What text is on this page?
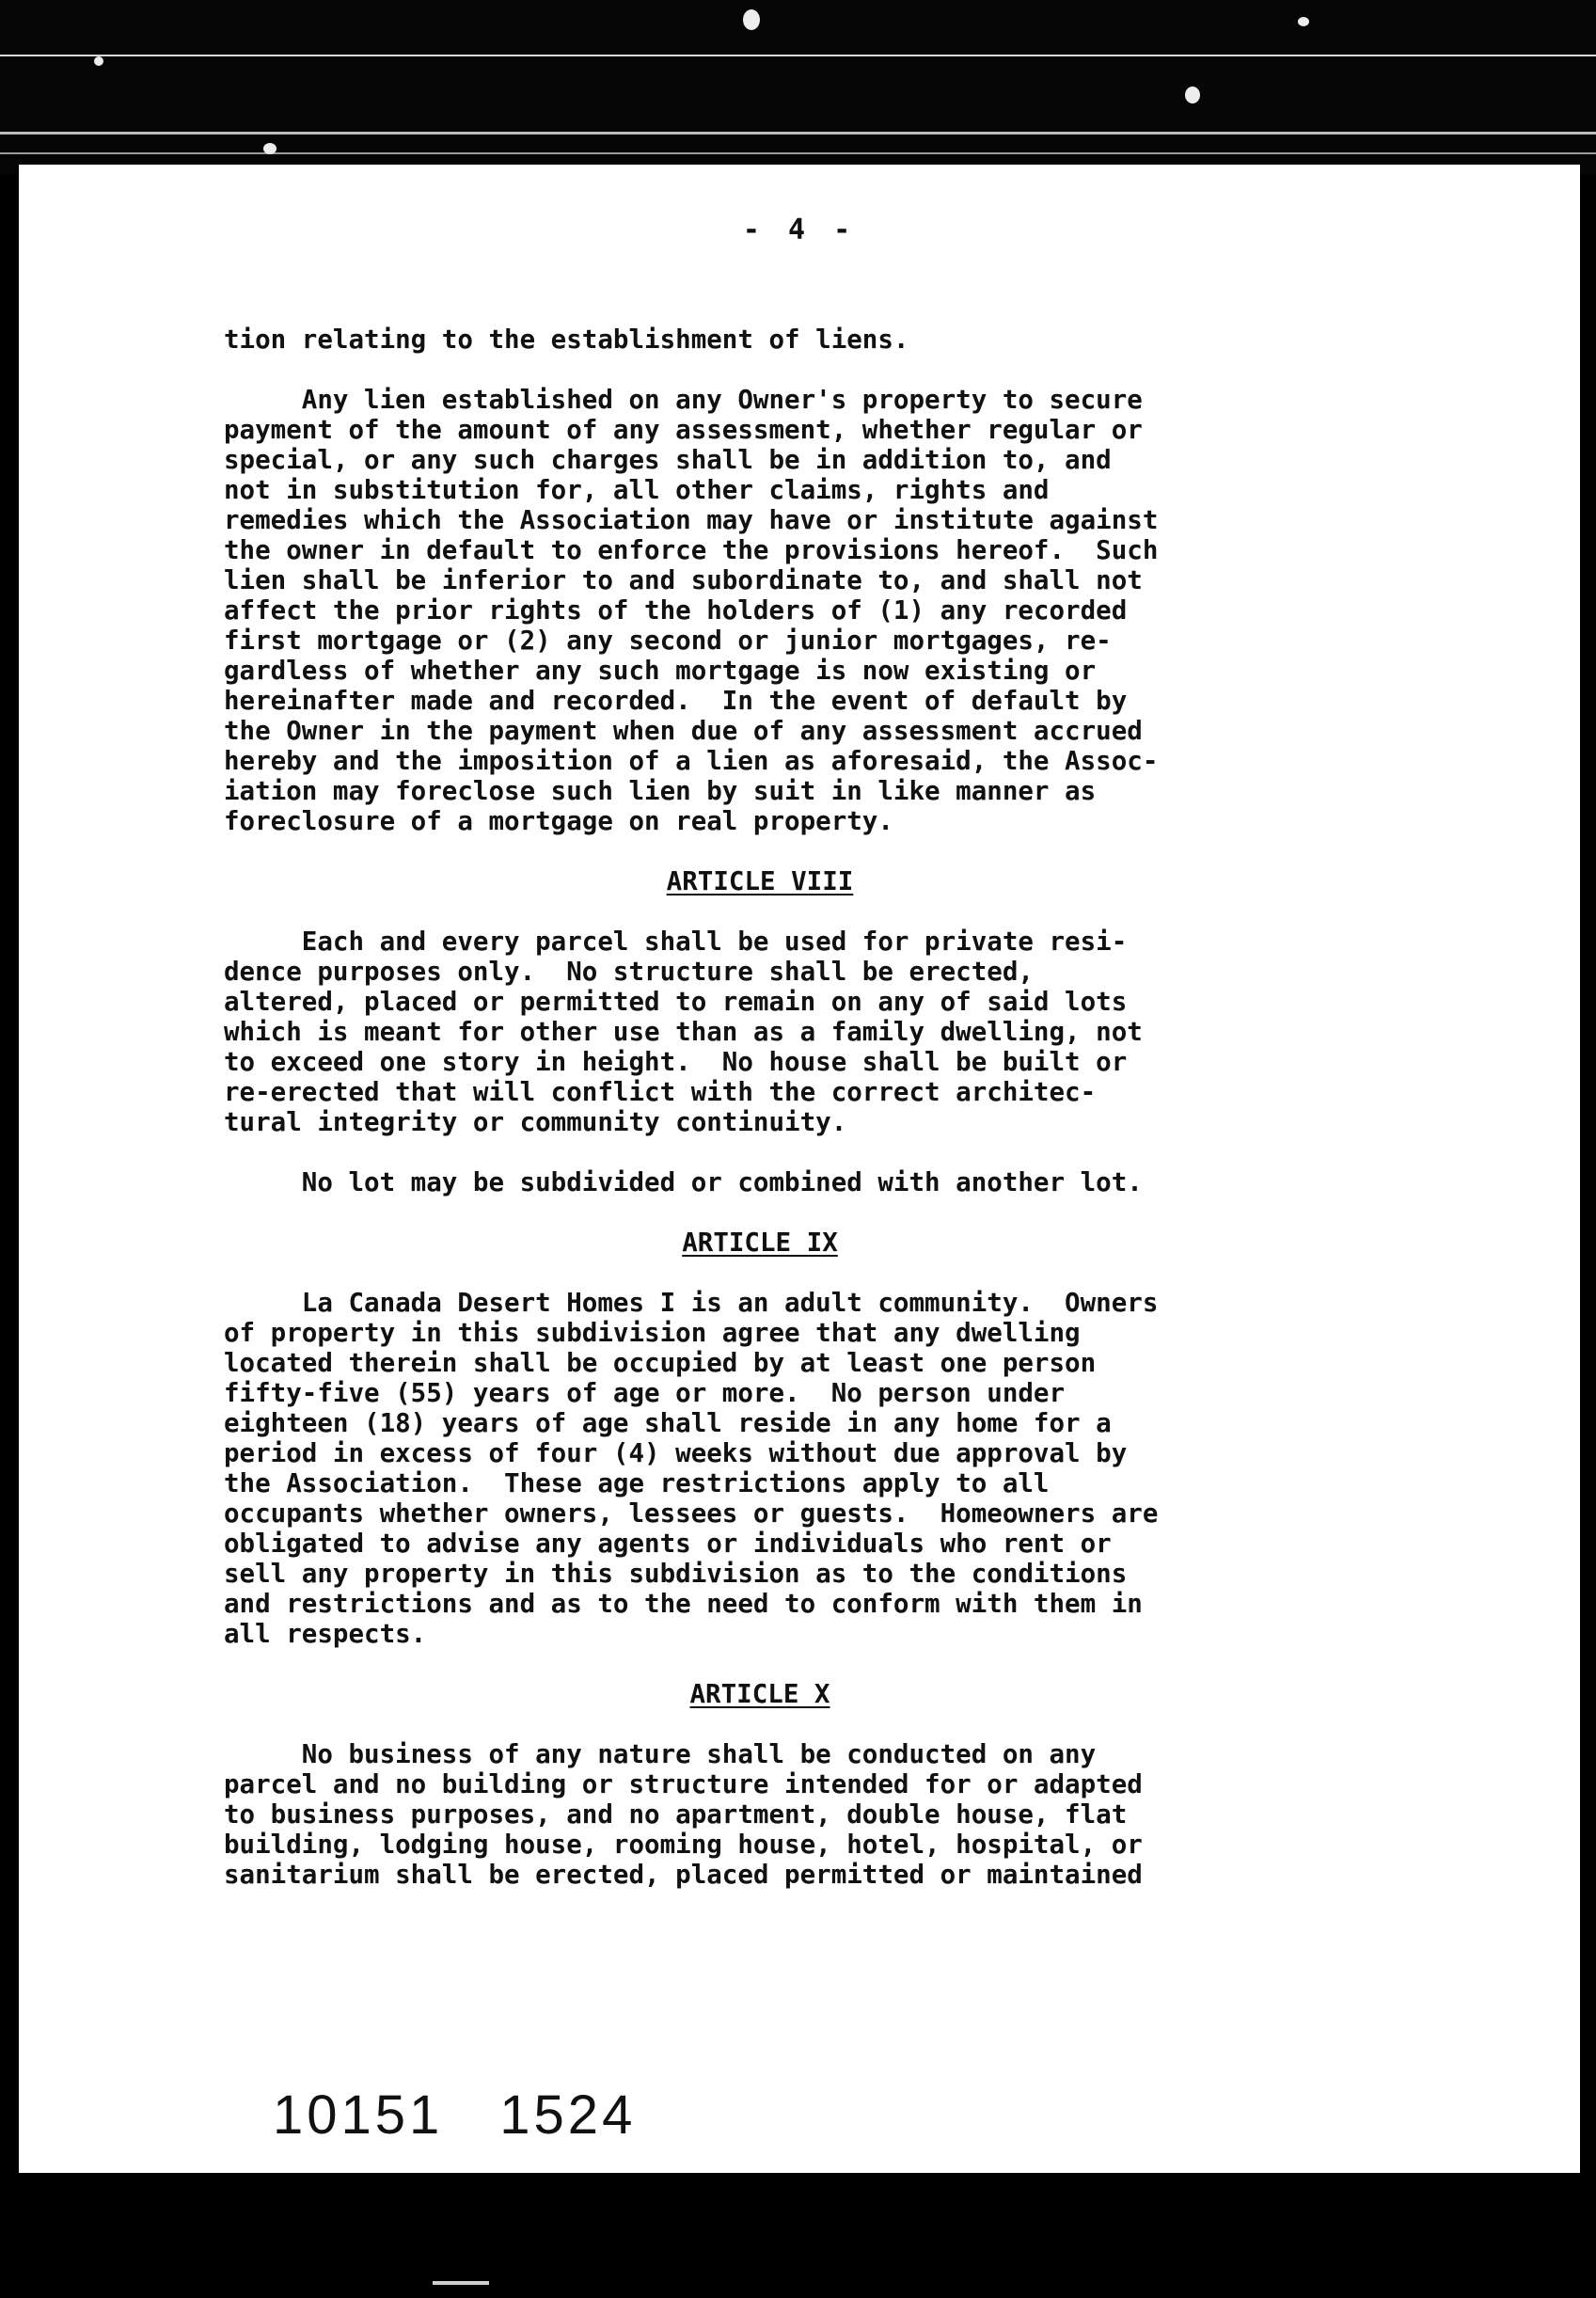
- 4 -
tion relating to the establishment of liens.
Any lien established on any Owner's property to secure
payment of the amount of any assessment, whether regular or
special, or any such charges shall be in addition to, and
not in substitution for, all other claims, rights and
remedies which the Association may have or institute against
the owner in default to enforce the provisions hereof.  Such
lien shall be inferior to and subordinate to, and shall not
affect the prior rights of the holders of (1) any recorded
first mortgage or (2) any second or junior mortgages, re-
gardless of whether any such mortgage is now existing or
hereinafter made and recorded.  In the event of default by
the Owner in the payment when due of any assessment accrued
hereby and the imposition of a lien as aforesaid, the Assoc-
iation may foreclose such lien by suit in like manner as
foreclosure of a mortgage on real property.
ARTICLE VIII
Each and every parcel shall be used for private resi-
dence purposes only.  No structure shall be erected,
altered, placed or permitted to remain on any of said lots
which is meant for other use than as a family dwelling, not
to exceed one story in height.  No house shall be built or
re-erected that will conflict with the correct architec-
tural integrity or community continuity.
No lot may be subdivided or combined with another lot.
ARTICLE IX
La Canada Desert Homes I is an adult community.  Owners
of property in this subdivision agree that any dwelling
located therein shall be occupied by at least one person
fifty-five (55) years of age or more.  No person under
eighteen (18) years of age shall reside in any home for a
period in excess of four (4) weeks without due approval by
the Association.  These age restrictions apply to all
occupants whether owners, lessees or guests.  Homeowners are
obligated to advise any agents or individuals who rent or
sell any property in this subdivision as to the conditions
and restrictions and as to the need to conform with them in
all respects.
ARTICLE X
No business of any nature shall be conducted on any
parcel and no building or structure intended for or adapted
to business purposes, and no apartment, double house, flat
building, lodging house, rooming house, hotel, hospital, or
sanitarium shall be erected, placed permitted or maintained
10151 1524
